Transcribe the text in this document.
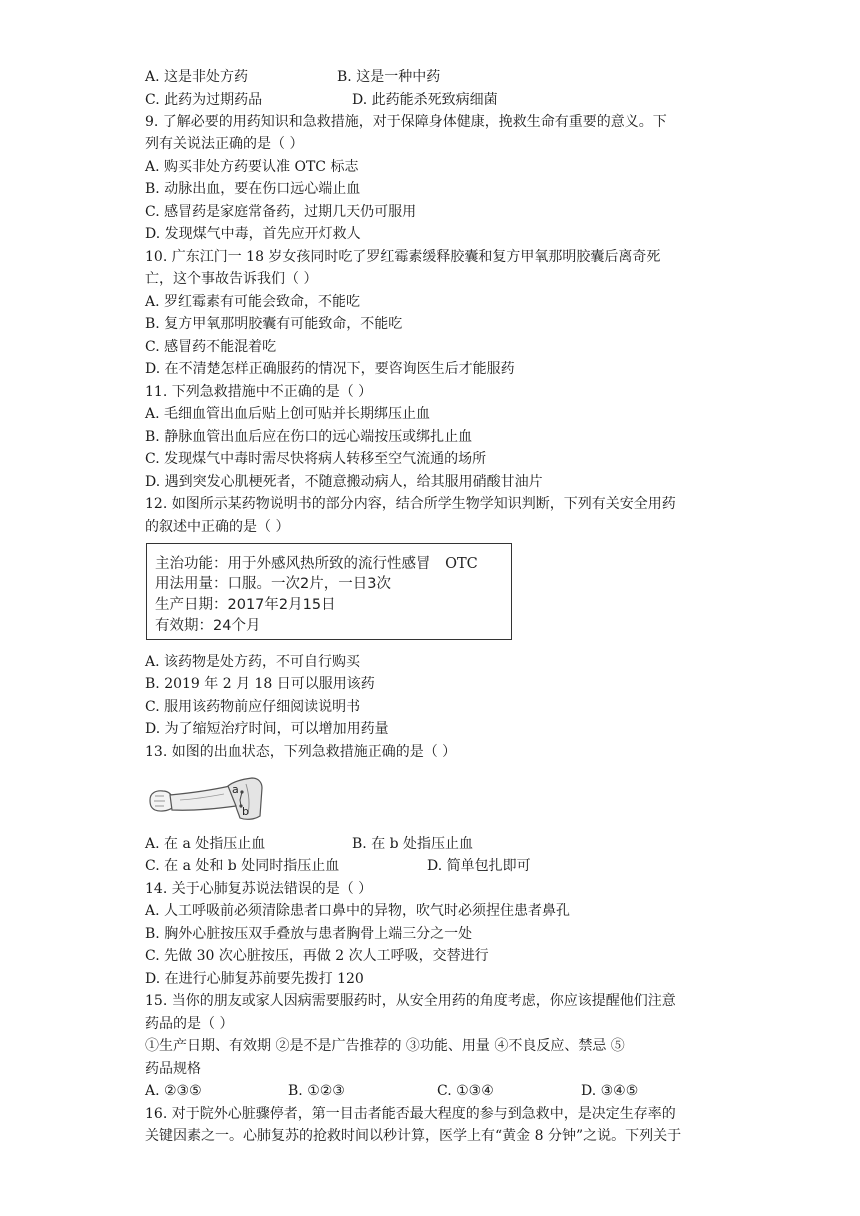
A. 这是非处方药	B. 这是一种中药
C. 此药为过期药品	D. 此药能杀死致病细菌
9. 了解必要的用药知识和急救措施，对于保障身体健康，挽救生命有重要的意义。下
列有关说法正确的是（ ）
A. 购买非处方药要认准 OTC 标志
B. 动脉出血，要在伤口远心端止血
C. 感冒药是家庭常备药，过期几天仍可服用
D. 发现煤气中毒，首先应开灯救人
10. 广东江门一 18 岁女孩同时吃了罗红霉素缓释胶囊和复方甲氧那明胶囊后离奇死
亡，这个事故告诉我们（ ）
A. 罗红霉素有可能会致命，不能吃
B. 复方甲氧那明胶囊有可能致命，不能吃
C. 感冒药不能混着吃
D. 在不清楚怎样正确服药的情况下，要咨询医生后才能服药
11. 下列急救措施中不正确的是（ ）
A. 毛细血管出血后贴上创可贴并长期绑压止血
B. 静脉血管出血后应在伤口的远心端按压或绑扎止血
C. 发现煤气中毒时需尽快将病人转移至空气流通的场所
D. 遇到突发心肌梗死者，不随意搬动病人，给其服用硝酸甘油片
12. 如图所示某药物说明书的部分内容，结合所学生物学知识判断，下列有关安全用药
的叙述中正确的是（ ）
主治功能：用于外感风热所致的流行性感冒 OTC
用法用量：口服。一次2片，一日3次
生产日期：2017年2月15日
有效期：24个月
A. 该药物是处方药，不可自行购买
B. 2019 年 2 月 18 日可以服用该药
C. 服用该药物前应仔细阅读说明书
D. 为了缩短治疗时间，可以增加用药量
13. 如图的出血状态，下列急救措施正确的是（ ）
a
b
A. 在 a 处指压止血	B. 在 b 处指压止血
C. 在 a 处和 b 处同时指压止血	D. 简单包扎即可
14. 关于心肺复苏说法错误的是（ ）
A. 人工呼吸前必须清除患者口鼻中的异物，吹气时必须捏住患者鼻孔
B. 胸外心脏按压双手叠放与患者胸骨上端三分之一处
C. 先做 30 次心脏按压，再做 2 次人工呼吸，交替进行
D. 在进行心肺复苏前要先拨打 120
15. 当你的朋友或家人因病需要服药时，从安全用药的角度考虑，你应该提醒他们注意
药品的是（ ）
①生产日期、有效期 ②是不是广告推荐的 ③功能、用量 ④不良反应、禁忌 ⑤
药品规格
A. ②③⑤	B. ①②③	C. ①③④	D. ③④⑤
16. 对于院外心脏骤停者，第一目击者能否最大程度的参与到急救中，是决定生存率的
关键因素之一。心肺复苏的抢救时间以秒计算，医学上有“黄金 8 分钟”之说。下列关于
